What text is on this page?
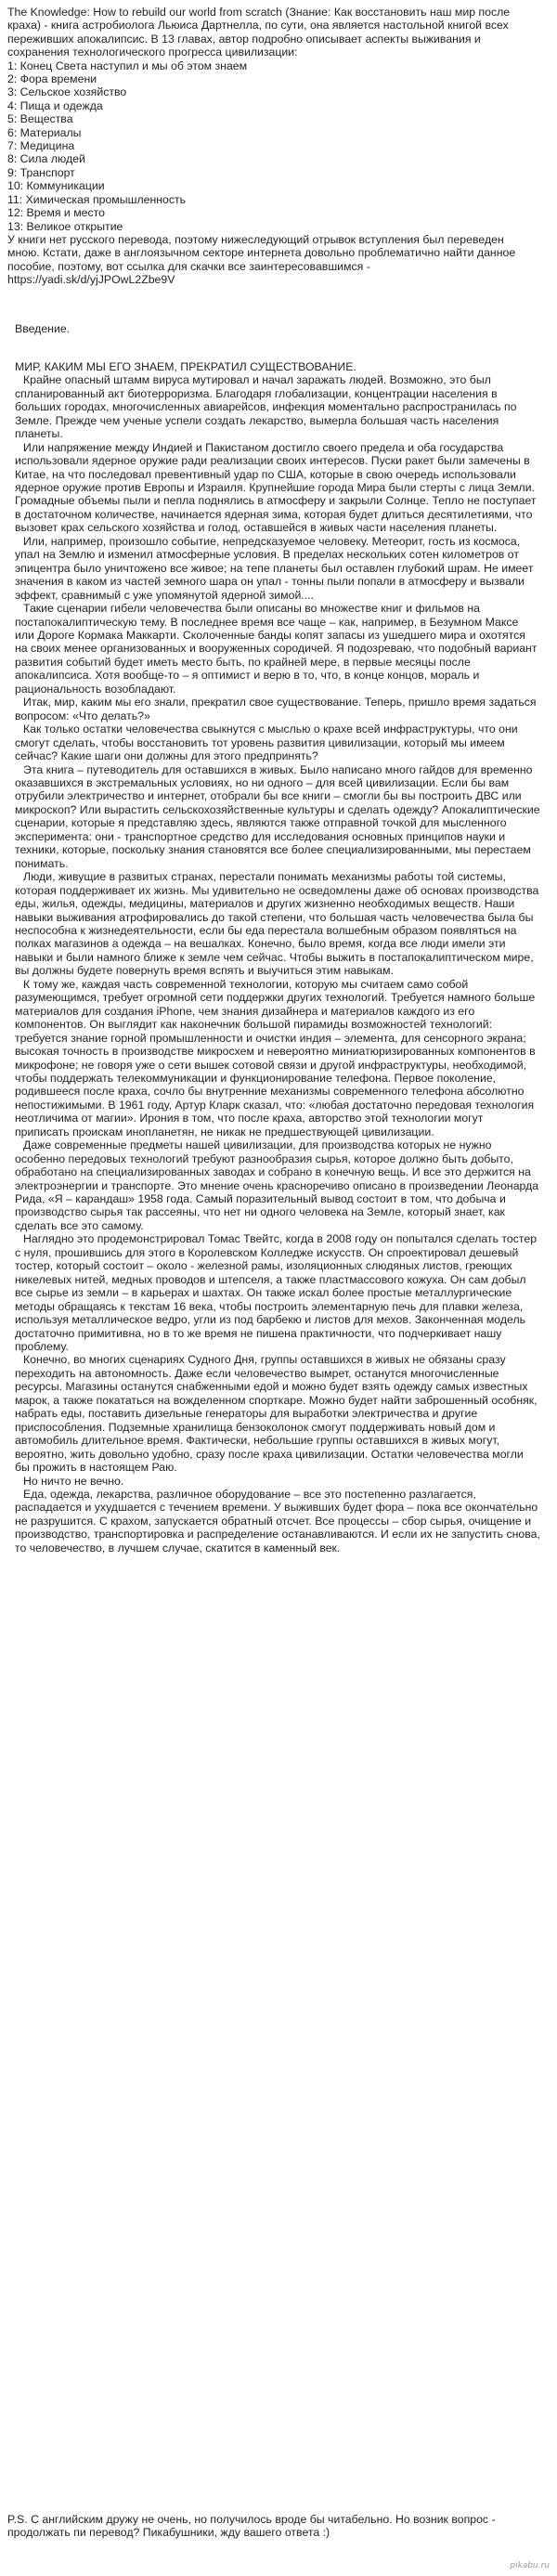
The Knowledge: How to rebuild our world from scratch (Знание: Как восстановить наш мир после краха) - книга астробиолога Льюиса Дартнелла, по сути, она является настольной книгой всех переживших апокалипсис. В 13 главах, автор подробно описывает аспекты выживания и сохранения технологического прогресса цивилизации:
1: Конец Света наступил и мы об этом знаем
2: Фора времени
3: Сельское хозяйство
4: Пища и одежда
5: Вещества
6: Материалы
7: Медицина
8: Сила людей
9: Транспорт
10: Коммуникации
11: Химическая промышленность
12: Время и место
13: Великое открытие
У книги нет русского перевода, поэтому нижеследующий отрывок вступления был переведен мною. Кстати, даже в англоязычном секторе интернета довольно проблематично найти данное пособие, поэтому, вот ссылка для скачки все заинтересовавшимся - https://yadi.sk/d/yjJPOwL2Zbe9V
Введение.

МИР, КАКИМ МЫ ЕГО ЗНАЕМ, ПРЕКРАТИЛ СУЩЕСТВОВАНИЕ.

Крайне опасный штамм вируса мутировал и начал заражать людей. Возможно, это был спланированный акт биотерроризма. Благодаря глобализации, концентрации населения в больших городах, многочисленных авиарейсов, инфекция моментально распространилась по Земле. Прежде чем ученые успели создать лекарство, вымерла большая часть населения планеты.

Или напряжение между Индией и Пакистаном достигло своего предела и оба государства использовали ядерное оружие ради реализации своих интересов. Пуски ракет были замечены в Китае, на что последовал превентивный удар по США, которые в свою очередь использовали ядерное оружие против Европы и Израиля. Крупнейшие города Мира были стерты с лица Земли. Громадные объемы пыли и пепла поднялись в атмосферу и закрыли Солнце. Тепло не поступает в достаточном количестве, начинается ядерная зима, которая будет длиться десятилетиями, что вызовет крах сельского хозяйства и голод, оставшейся в живых части населения планеты.

Или, например, произошло событие, непредсказуемое человеку. Метеорит, гость из космоса, упал на Землю и изменил атмосферные условия. В пределах нескольких сотен километров от эпицентра было уничтожено все живое; на тепе планеты был оставлен глубокий шрам. Не имеет значения в каком из частей земного шара он упал - тонны пыли попали в атмосферу и вызвали эффект, сравнимый с уже упомянутой ядерной зимой....

Такие сценарии гибели человечества были описаны во множестве книг и фильмов на постапокалиптическую тему. В последнее время все чаще – как, например, в Безумном Максе или Дороге Кормака Маккарти. Сколоченные банды копят запасы из ушедшего мира и охотятся на своих менее организованных и вооруженных сородичей. Я подозреваю, что подобный вариант развития событий будет иметь место быть, по крайней мере, в первые месяцы после апокалипсиса. Хотя вообще-то – я оптимист и верю в то, что, в конце концов, мораль и рациональность возобладают.

Итак, мир, каким мы его знали, прекратил свое существование. Теперь, пришло время задаться вопросом: «Что делать?»

Как только остатки человечества свыкнутся с мыслью о крахе всей инфраструктуры, что они смогут сделать, чтобы восстановить тот уровень развития цивилизации, который мы имеем сейчас? Какие шаги они должны для этого предпринять?

Эта книга – путеводитель для оставшихся в живых. Было написано много гайдов для временно оказавшихся в экстремальных условиях, но ни одного – для всей цивилизации. Если бы вам отрубили электричество и интернет, отобрали бы все книги – смогли бы вы построить ДВС или микроскоп? Или вырастить сельскохозяйственные культуры и сделать одежду? Апокалиптические сценарии, которые я представляю здесь, являются также отправной точкой для мысленного эксперимента: они - транспортное средство для исследования основных принципов науки и техники, которые, поскольку знания становятся все более специализированными, мы перестаем понимать.

Люди, живущие в развитых странах, перестали понимать механизмы работы той системы, которая поддерживает их жизнь. Мы удивительно не осведомлены даже об основах производства еды, жилья, одежды, медицины, материалов и других жизненно необходимых веществ. Наши навыки выживания атрофировались до такой степени, что большая часть человечества была бы неспособна к жизнедеятельности, если бы еда перестала волшебным образом появляться на полках магазинов а одежда – на вешалках. Конечно, было время, когда все люди имели эти навыки и были намного ближе к земле чем сейчас. Чтобы выжить в постапокалиптическом мире, вы должны будете повернуть время вспять и выучиться этим навыкам.

К тому же, каждая часть современной технологии, которую мы считаем само собой разумеющимся, требует огромной сети поддержки других технологий. Требуется намного больше материалов для создания iPhone, чем знания дизайнера и материалов каждого из его компонентов. Он выглядит как наконечник большой пирамиды возможностей технологий: требуется знание горной промышленности и очистки индия – элемента, для сенсорного экрана; высокая точность в производстве микросхем и невероятно миниатюризированных компонентов в микрофоне; не говоря уже о сети вышек сотовой связи и другой инфраструктуры, необходимой, чтобы поддержать телекоммуникации и функционирование телефона. Первое поколение, родившееся после краха, сочло бы внутренние механизмы современного телефона абсолютно непостижимыми. В 1961 году, Артур Кларк сказал, что: «любая достаточно передовая технология неотличима от магии». Ирония в том, что после краха, авторство этой технологии могут приписать проискам инопланетян, не никак не предшествующей цивилизации.

Даже современные предметы нашей цивилизации, для производства которых не нужно особенно передовых технологий требуют разнообразия сырья, которое должно быть добыто, обработано на специализированных заводах и собрано в конечную вещь. И все это держится на электроэнергии и транспорте. Это мнение очень красноречиво описано в произведении Леонарда Рида, «Я – карандаш» 1958 года. Самый поразительный вывод состоит в том, что добыча и производство сырья так рассеяны, что нет ни одного человека на Земле, который знает, как сделать все это самому.

Наглядно это продемонстрировал Томас Твейтс, когда в 2008 году он попытался сделать тостер с нуля, прошившись для этого в Королевском Колледже искусств. Он спроектировал дешевый тостер, который состоит – около - железной рамы, изоляционных слюдяных листов, греющих никелевых нитей, медных проводов и штепселя, а также пластмассового кожуха. Он сам добыл все сырье из земли – в карьерах и шахтах. Он также искал более простые металлургические методы обращаясь к текстам 16 века, чтобы построить элементарную печь для плавки железа, используя металлическое ведро, угли из под барбекю и листов для мехов. Законченная модель достаточно примитивна, но в то же время не пишена практичности, что подчеркивает нашу проблему.

Конечно, во многих сценариях Судного Дня, группы оставшихся в живых не обязаны сразу переходить на автономность. Даже если человечество вымрет, останутся многочисленные ресурсы. Магазины останутся снабженными едой и можно будет взять одежду самых известных марок, а также покататься на вожделенном спорткаре. Можно будет найти заброшенный особняк, набрать еды, поставить дизельные генераторы для выработки электричества и другие приспособления. Подземные хранилища бензоколонок смогут поддерживать новый дом и автомобиль длительное время. Фактически, небольшие группы оставшихся в живых могут, вероятно, жить довольно удобно, сразу после краха цивилизации. Остатки человечества могли бы прожить в настоящем Раю.

Но ничто не вечно.

Еда, одежда, лекарства, различное оборудование – все это постепенно разлагается, распадается и ухудшается с течением времени. У выживших будет фора – пока все окончательно не разрушится. С крахом, запускается обратный отсчет. Все процессы – сбор сырья, очищение и производство, транспортировка и распределение останавливаются. И если их не запустить снова, то человечество, в лучшем случае, скатится в каменный век.

P.S. С английским дружу не очень, но получилось вроде бы читабельно. Но возник вопрос - продолжать пи перевод? Пикабушники, жду вашего ответа :)
pikabu.ru
